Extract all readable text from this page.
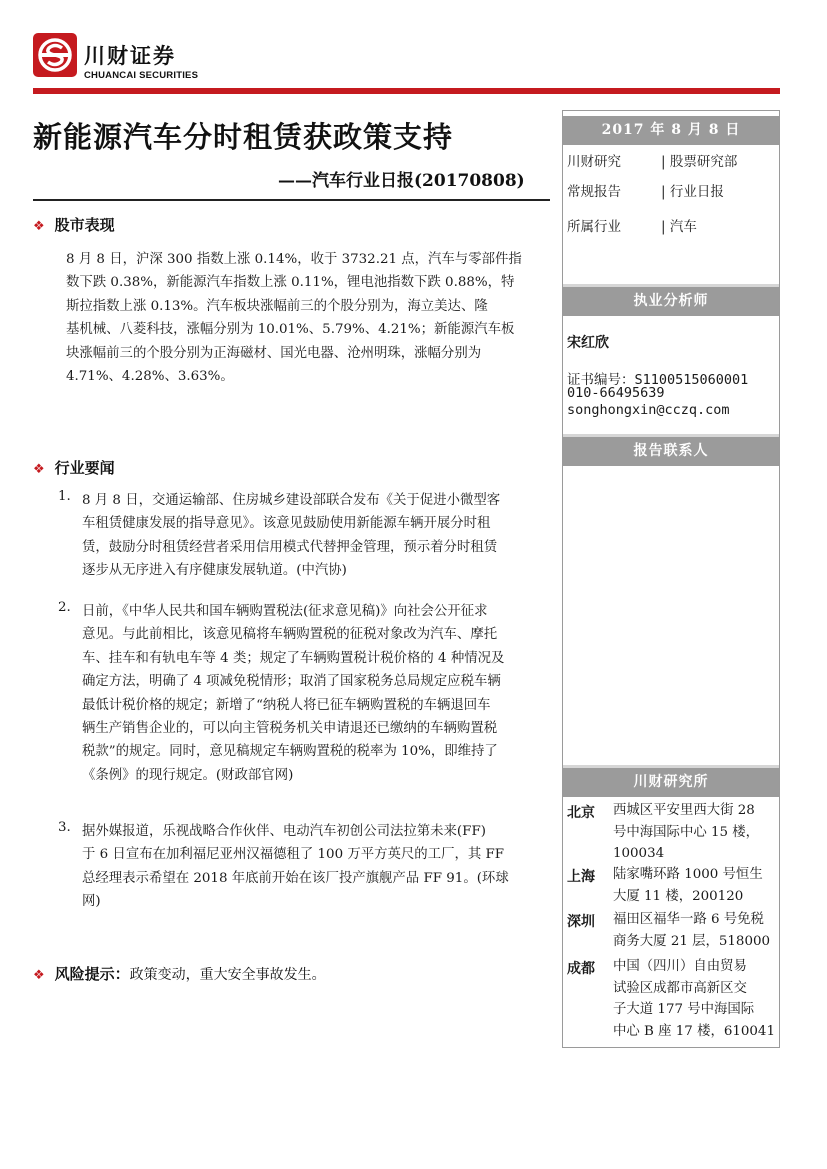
川财证券
CHUANCAI SECURITIES
新能源汽车分时租赁获政策支持
——汽车行业日报(20170808)
❖ 股市表现
8 月 8 日，沪深 300 指数上涨 0.14%，收于 3732.21 点，汽车与零部件指
数下跌 0.38%，新能源汽车指数上涨 0.11%，锂电池指数下跌 0.88%，特
斯拉指数上涨 0.13%。汽车板块涨幅前三的个股分别为，海立美达、隆
基机械、八菱科技，涨幅分别为 10.01%、5.79%、4.21%；新能源汽车板
块涨幅前三的个股分别为正海磁材、国光电器、沧州明珠，涨幅分别为
4.71%、4.28%、3.63%。
❖ 行业要闻
1. 8 月 8 日，交通运输部、住房城乡建设部联合发布《关于促进小微型客
车租赁健康发展的指导意见》。该意见鼓励使用新能源车辆开展分时租
赁，鼓励分时租赁经营者采用信用模式代替押金管理，预示着分时租赁
逐步从无序进入有序健康发展轨道。(中汽协)
2. 日前，《中华人民共和国车辆购置税法(征求意见稿)》向社会公开征求
意见。与此前相比，该意见稿将车辆购置税的征税对象改为汽车、摩托
车、挂车和有轨电车等 4 类；规定了车辆购置税计税价格的 4 种情况及
确定方法，明确了 4 项减免税情形；取消了国家税务总局规定应税车辆
最低计税价格的规定；新增了“纳税人将已征车辆购置税的车辆退回车
辆生产销售企业的，可以向主管税务机关申请退还已缴纳的车辆购置税
税款”的规定。同时，意见稿规定车辆购置税的税率为 10%，即维持了
《条例》的现行规定。(财政部官网)
3. 据外媒报道，乐视战略合作伙伴、电动汽车初创公司法拉第未来(FF)
于 6 日宣布在加利福尼亚州汉福德租了 100 万平方英尺的工厂，其 FF
总经理表示希望在 2018 年底前开始在该厂投产旗舰产品 FF 91。(环球
网)
❖ 风险提示：政策变动，重大安全事故发生。
2017 年 8 月 8 日
川财研究	| 股票研究部
常规报告	| 行业日报
所属行业	| 汽车
执业分析师
宋红欣
证书编号：S1100515060001
010-66495639
songhongxin@cczq.com
报告联系人
川财研究所
北京 西城区平安里西大街 28
号中海国际中心 15 楼，
100034
上海 陆家嘴环路 1000 号恒生
大厦 11 楼，200120
深圳 福田区福华一路 6 号免税
商务大厦 21 层，518000
成都 中国（四川）自由贸易
试验区成都市高新区交
子大道 177 号中海国际
中心 B 座 17 楼，610041
